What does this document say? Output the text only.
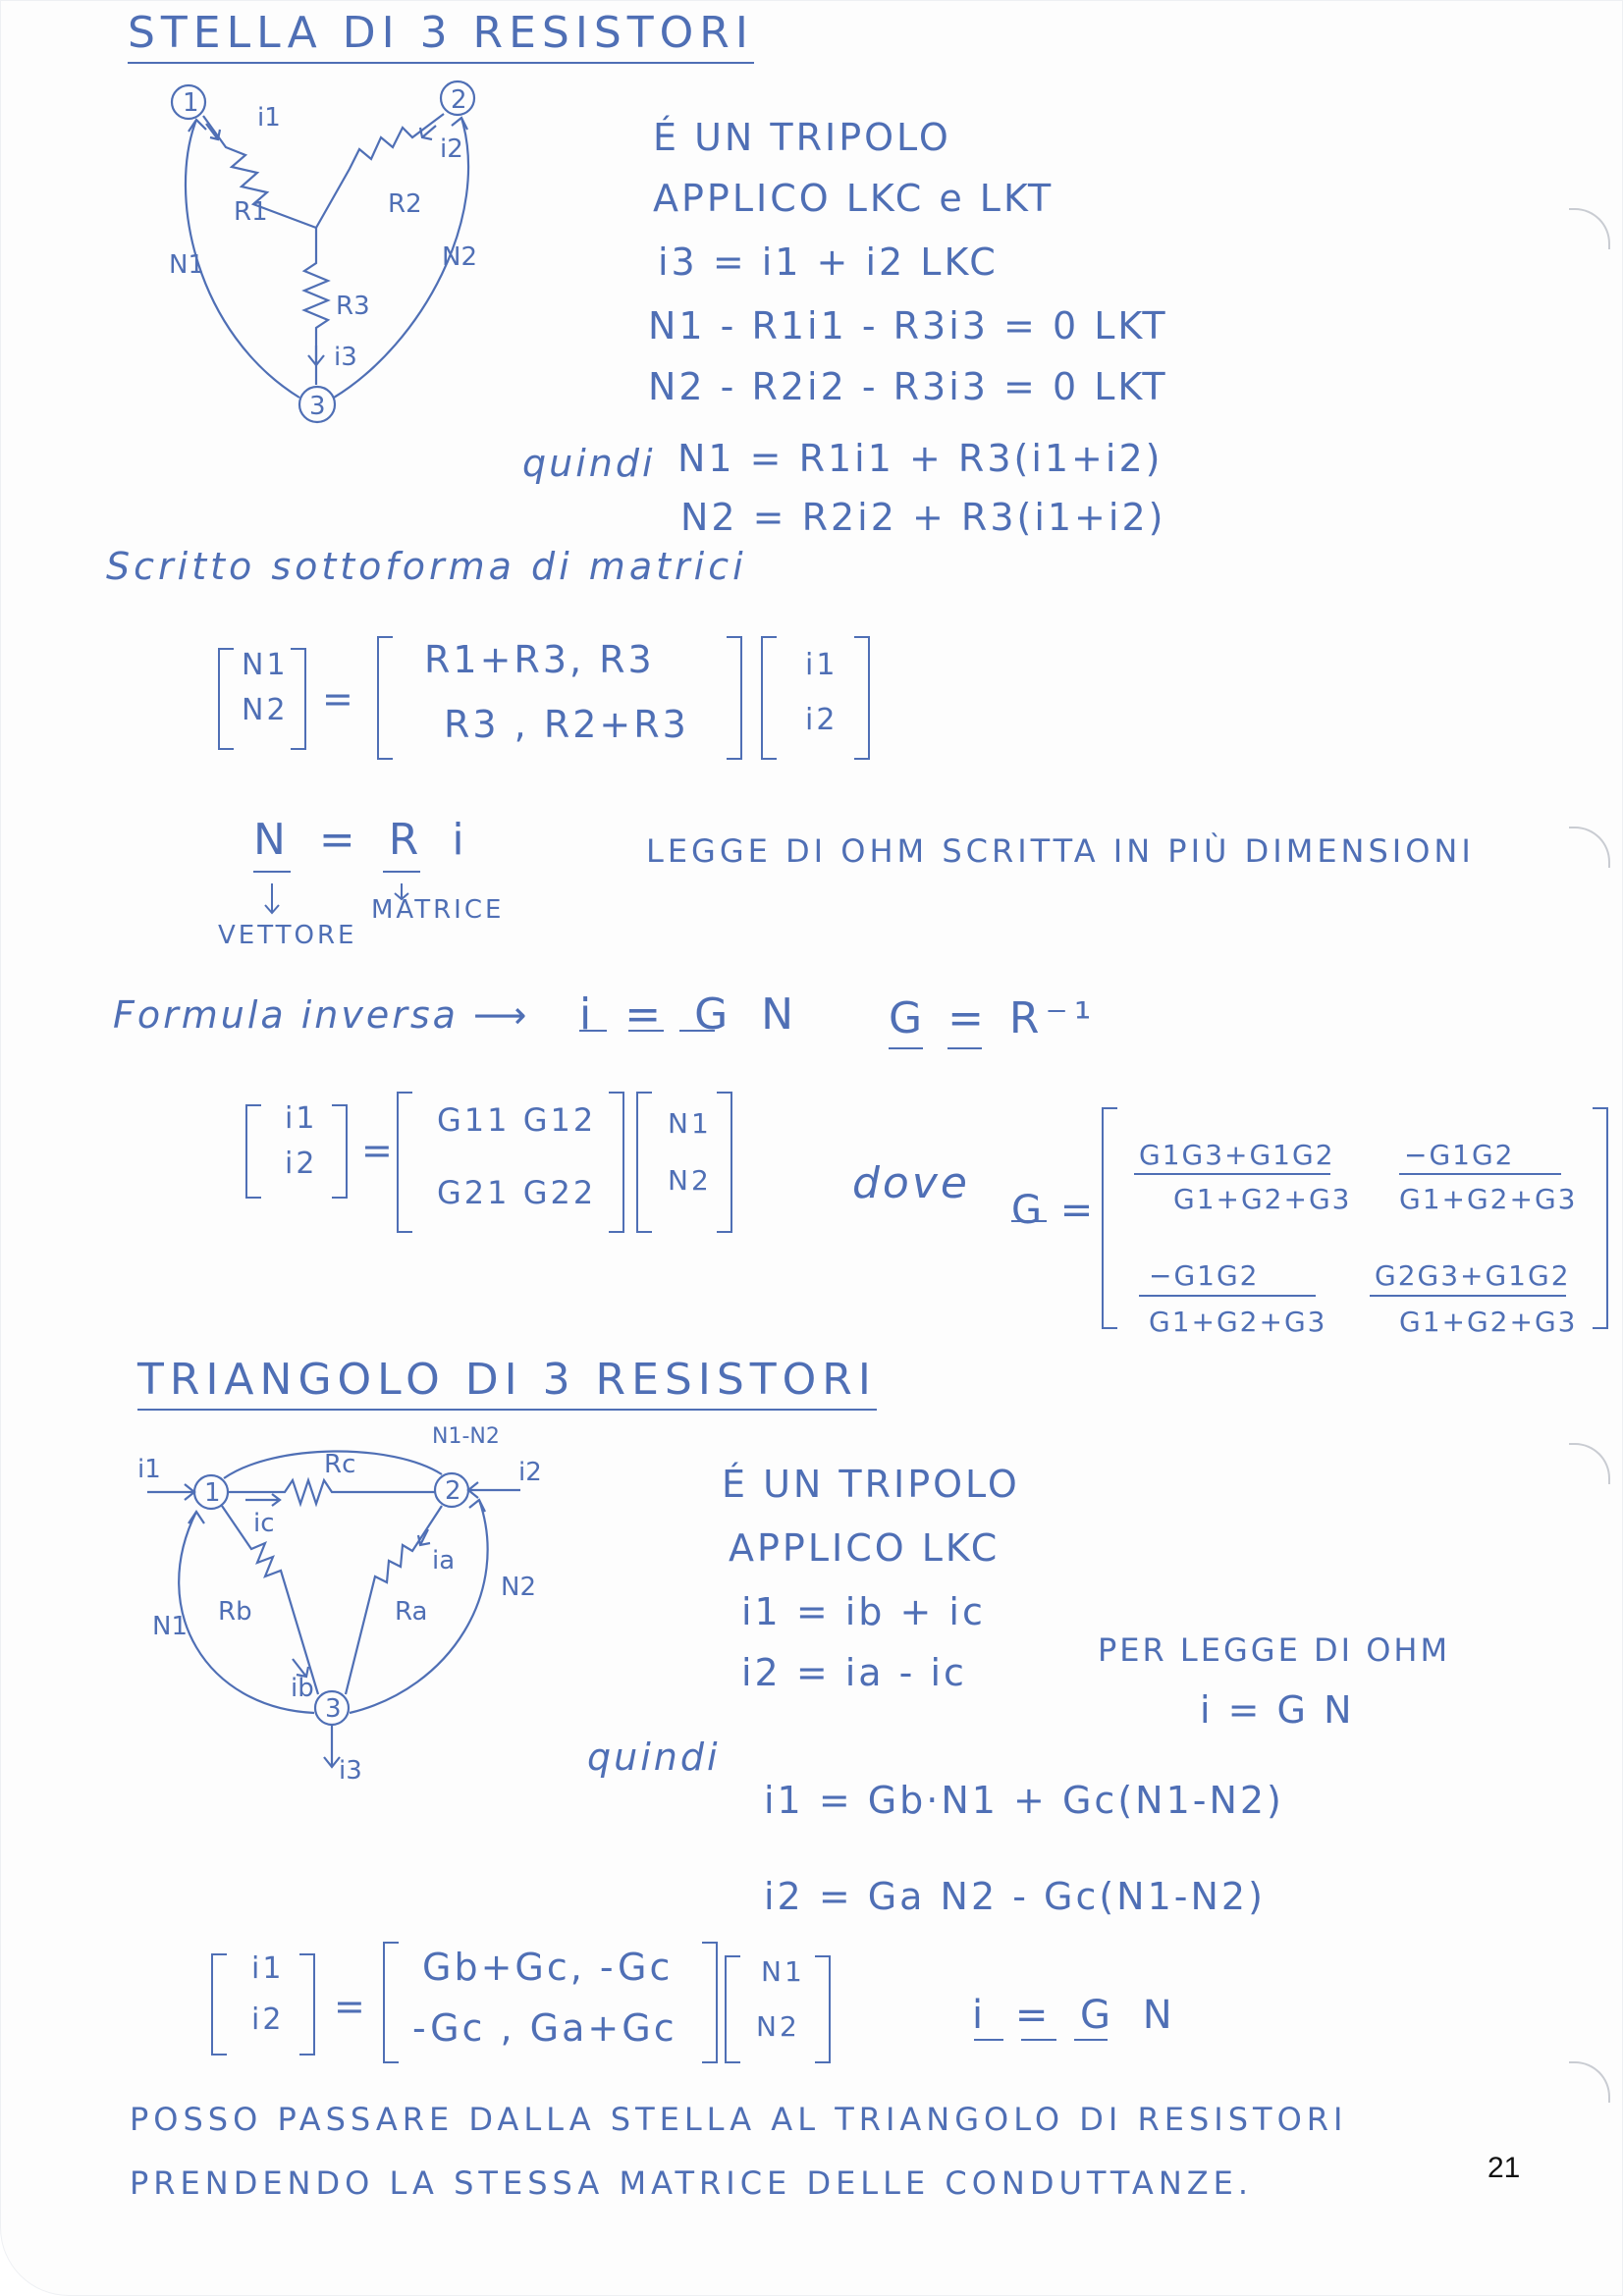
STELLA DI 3 RESISTORI
1	2
3
i1
i2
i3
R1	R2
R3
N1	N2
1	2
3
i1	i2
i3
ic
ia
ib
Rc
Rb	Ra
N1
N2
N1-N2
É UN TRIPOLO
APPLICO LKC e LKT
i3 = i1 + i2 LKC
N1 - R1i1 - R3i3 = 0 LKT
N2 - R2i2 - R3i3 = 0 LKT
quindi N1 = R1i1 + R3(i1+i2)
N2 = R2i2 + R3(i1+i2)
Scritto sottoforma di matrici
N1
N2 =
R1+R3, R3
R3 , R2+R3
i1
i2
N = R i	LEGGE DI OHM SCRITTA IN PIÙ DIMENSIONI
VETTORE
MATRICE
Formula inversa ⟶ i = G N G = R⁻¹
i1
i2 =
G11 G12
G21 G22
N1
N2	dove
G =
G1G3+G1G2
G1+G2+G3
−G1G2
G1+G2+G3
−G1G2
G1+G2+G3
G2G3+G1G2
G1+G2+G3
TRIANGOLO DI 3 RESISTORI
É UN TRIPOLO
APPLICO LKC
i1 = ib + ic
i2 = ia - ic
PER LEGGE DI OHM
i = G N
quindi
i1 = Gb·N1 + Gc(N1-N2)
i2 = Ga N2 - Gc(N1-N2)
i1
i2 =
Gb+Gc, -Gc
-Gc , Ga+Gc
N1
N2	i = G N
POSSO PASSARE DALLA STELLA AL TRIANGOLO DI RESISTORI
PRENDENDO LA STESSA MATRICE DELLE CONDUTTANZE.	21
